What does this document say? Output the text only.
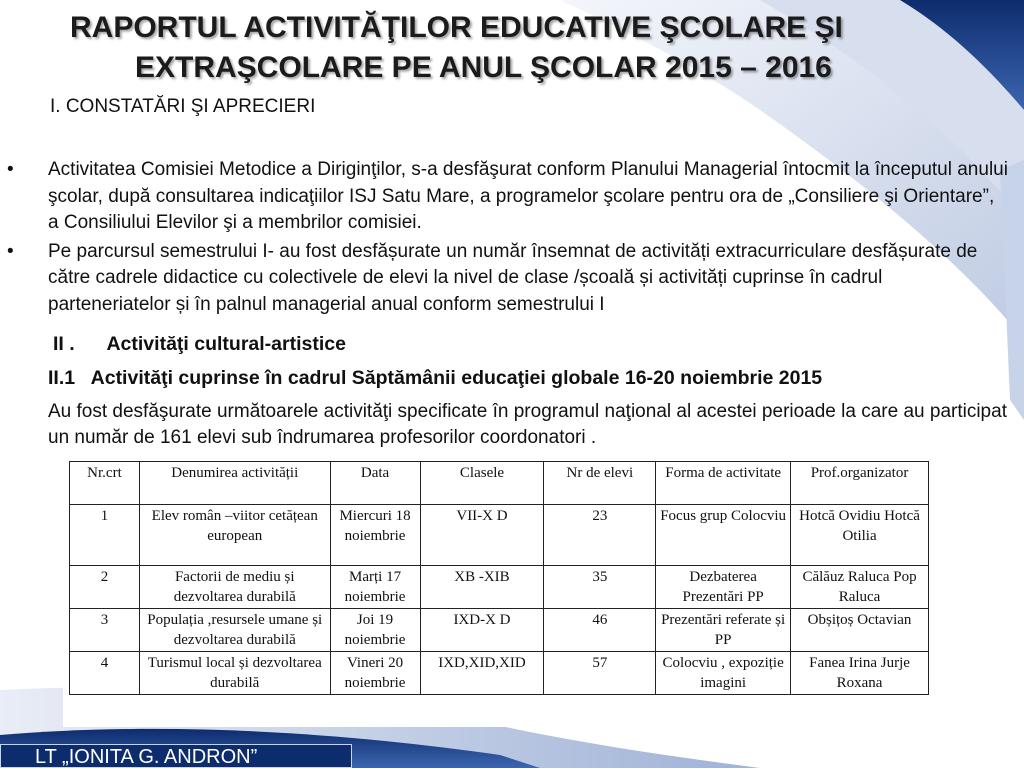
RAPORTUL ACTIVITĂŢILOR EDUCATIVE ŞCOLARE ŞI
EXTRAŞCOLARE PE ANUL ŞCOLAR 2015 – 2016
I. CONSTATĂRI ŞI APRECIERI
• Activitatea Comisiei Metodice a Diriginţilor, s-a desfăşurat conform Planului Managerial întocmit la începutul anului şcolar, după consultarea indicaţiilor ISJ Satu Mare, a programelor şcolare pentru ora de „Consiliere şi Orientare”, a Consiliului Elevilor şi a membrilor comisiei.
• Pe parcursul semestrului I- au fost desfășurate un număr însemnat de activități extracurriculare desfășurate de către cadrele didactice cu colectivele de elevi la nivel de clase /școală și activități cuprinse în cadrul parteneriatelor și în palnul managerial anual conform semestrului I
II . Activităţi cultural-artistice
II.1 Activităţi cuprinse în cadrul Săptămânii educaţiei globale 16-20 noiembrie 2015
Au fost desfăşurate următoarele activităţi specificate în programul naţional al acestei perioade la care au participat un număr de 161 elevi sub îndrumarea profesorilor coordonatori .
Nr.crt	Denumirea activității	Data	Clasele	Nr de elevi	Forma de activitate	Prof.organizator
1	Elev român –viitor cetățean european	Miercuri 18 noiembrie	VII-X D	23	Focus grup Colocviu	Hotcă Ovidiu Hotcă Otilia
2	Factorii de mediu și dezvoltarea durabilă	Marți 17 noiembrie	XB -XIB	35	Dezbaterea Prezentări PP	Călăuz Raluca Pop Raluca
3	Populația ,resursele umane și dezvoltarea durabilă	Joi 19 noiembrie	IXD-X D	46	Prezentări referate și PP	Obșițoș Octavian
4	Turismul local și dezvoltarea durabilă	Vineri 20 noiembrie	IXD,XID,XID	57	Colocviu , expoziție imagini	Fanea Irina Jurje Roxana
LT „IONITA G. ANDRON”
